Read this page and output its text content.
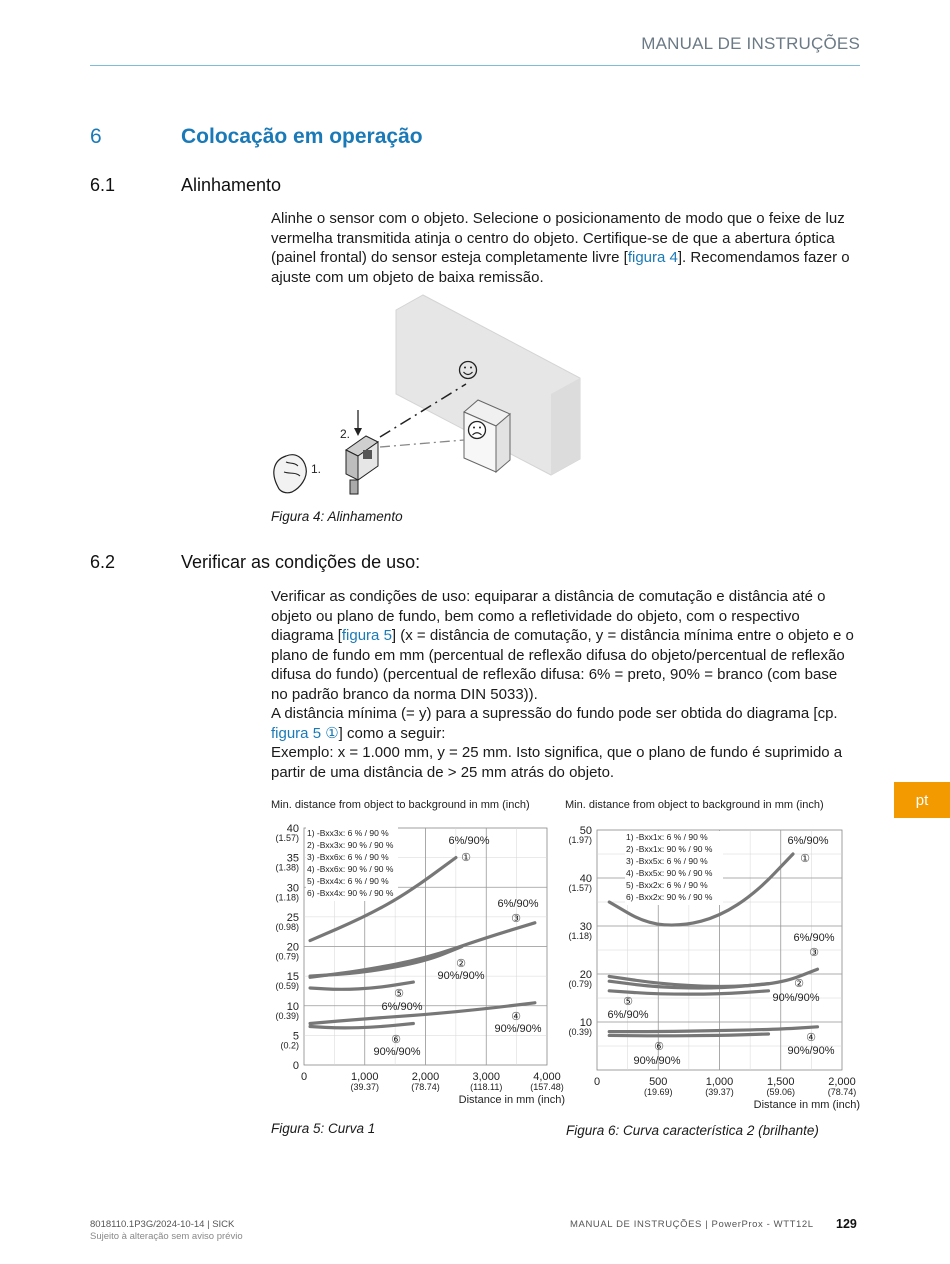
MANUAL DE INSTRUÇÕES
6	Colocação em operação
6.1	Alinhamento
Alinhe o sensor com o objeto. Selecione o posicionamento de modo que o feixe de luz vermelha transmitida atinja o centro do objeto. Certifique-se de que a abertura óptica (painel frontal) do sensor esteja completamente livre [figura 4]. Recomendamos fazer o ajuste com um objeto de baixa remissão.
2.
1.
Figura 4: Alinhamento
6.2	Verificar as condições de uso:
Verificar as condições de uso: equiparar a distância de comutação e distância até o objeto ou plano de fundo, bem como a refletividade do objeto, com o respectivo diagrama [figura 5] (x = distância de comutação, y = distância mínima entre o objeto e o plano de fundo em mm (percentual de reflexão difusa do objeto/percentual de reflexão difusa do fundo) (percentual de reflexão difusa: 6% = preto, 90% = branco (com base no padrão branco da norma DIN 5033)).
A distância mínima (= y) para a supressão do fundo pode ser obtida do diagrama [cp. figura 5 ①] como a seguir:
Exemplo: x = 1.000 mm, y = 25 mm. Isto significa, que o plano de fundo é suprimido a partir de uma distância de > 25 mm atrás do objeto.
Min. distance from object to background in mm (inch)
0	1,000
(39.37)
2,000
(78.74)
3,000
(118.11)
4,000
(157.48)
0
5
(0.2)
10
(0.39)
15
(0.59)
20
(0.79)
25
(0.98)
30
(1.18)
35
(1.38)
40
(1.57)
Distance in mm (inch)
1) -Bxx3x: 6 % / 90 %
2) -Bxx3x: 90 % / 90 %
3) -Bxx6x: 6 % / 90 %
4) -Bxx6x: 90 % / 90 %
5) -Bxx4x: 6 % / 90 %
6) -Bxx4x: 90 % / 90 %
①
6%/90%
②
90%/90%
③
6%/90%
④
90%/90%
⑤
6%/90%
⑥
90%/90%
Min. distance from object to background in mm (inch)
0	500
(19.69)
1,000
(39.37)
1,500
(59.06)
2,000
(78.74)
10
(0.39)
20
(0.79)
30
(1.18)
40
(1.57)
50
(1.97)
Distance in mm (inch)
1) -Bxx1x: 6 % / 90 %
2) -Bxx1x: 90 % / 90 %
3) -Bxx5x: 6 % / 90 %
4) -Bxx5x: 90 % / 90 %
5) -Bxx2x: 6 % / 90 %
6) -Bxx2x: 90 % / 90 %
①
6%/90%
②
90%/90%
③
6%/90%
④
90%/90%
⑤
6%/90%
⑥
90%/90%
Figura 5: Curva 1	Figura 6: Curva característica 2 (brilhante)
pt
8018110.1P3G/2024-10-14 | SICK
Sujeito à alteração sem aviso prévio
MANUAL DE INSTRUÇÕES | PowerProx - WTT12L 129
